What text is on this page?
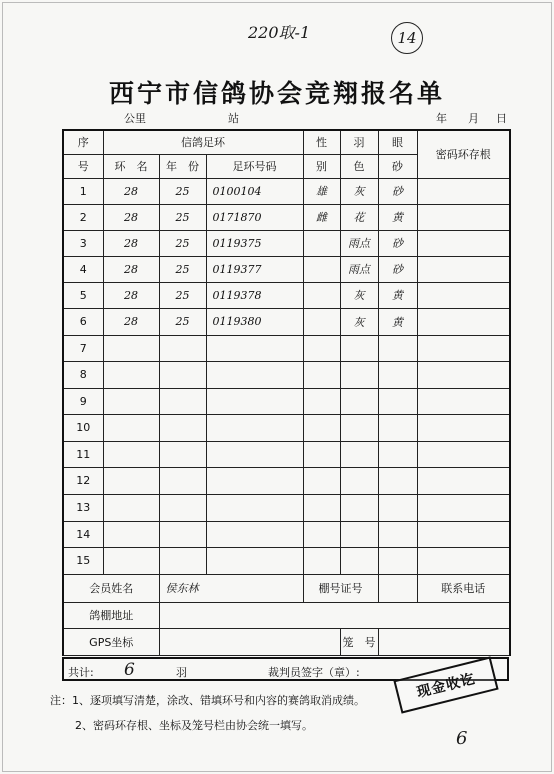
220取-1	14
西宁市信鸽协会竞翔报名单
公里	站	年 月 日
序	信鸽足环			性	羽	眼	密码环存根
号	环　名	年　份	足环号码	别	色	砂	
1	28	25	0100104	雄	灰	砂	
2	28	25	0171870	雌	花	黄	
3	28	25	0119375		雨点	砂	
4	28	25	0119377		雨点	砂	
5	28	25	0119378		灰	黄	
6	28	25	0119380		灰	黄	
7							
8							
9							
10							
11							
12							
13							
14							
15							
会员姓名		侯东林		棚号证号			联系电话
鸽棚地址							
GPS坐标					笼　号		
共计: 6	羽	裁判员签字（章）:
注：1、逐项填写清楚，涂改、错填环号和内容的赛鸽取消成绩。
2、密码环存根、坐标及笼号栏由协会统一填写。
现金收讫
6
